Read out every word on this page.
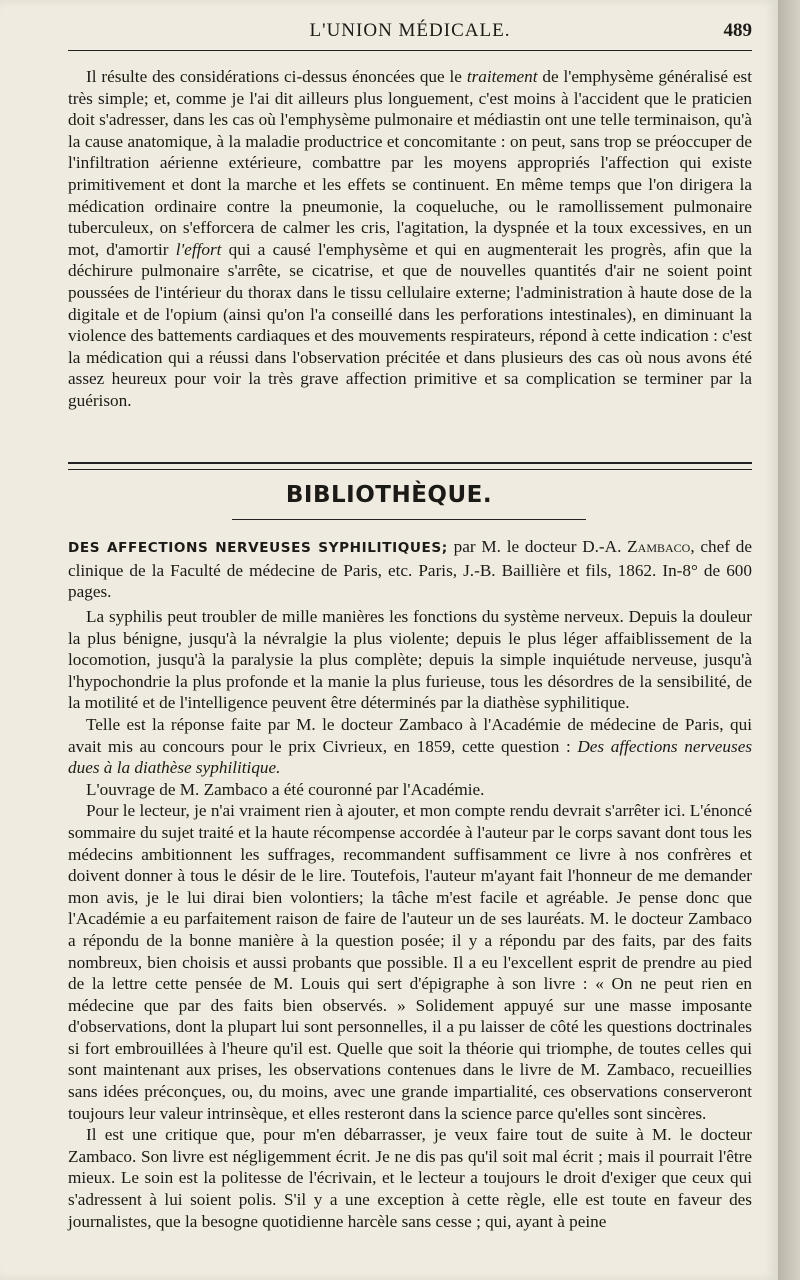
L'UNION MÉDICALE.	489
Il résulte des considérations ci-dessus énoncées que le traitement de l'emphysème généralisé est très simple; et, comme je l'ai dit ailleurs plus longuement, c'est moins à l'accident que le praticien doit s'adresser, dans les cas où l'emphysème pulmonaire et médiastin ont une telle terminaison, qu'à la cause anatomique, à la maladie productrice et concomitante : on peut, sans trop se préoccuper de l'infiltration aérienne extérieure, combattre par les moyens appropriés l'affection qui existe primitivement et dont la marche et les effets se continuent. En même temps que l'on dirigera la médication ordinaire contre la pneumonie, la coqueluche, ou le ramollissement pulmonaire tuberculeux, on s'efforcera de calmer les cris, l'agitation, la dyspnée et la toux excessives, en un mot, d'amortir l'effort qui a causé l'emphysème et qui en augmenterait les progrès, afin que la déchirure pulmonaire s'arrête, se cicatrise, et que de nouvelles quantités d'air ne soient point poussées de l'intérieur du thorax dans le tissu cellulaire externe; l'administration à haute dose de la digitale et de l'opium (ainsi qu'on l'a conseillé dans les perforations intestinales), en diminuant la violence des battements cardiaques et des mouvements respirateurs, répond à cette indication : c'est la médication qui a réussi dans l'observation précitée et dans plusieurs des cas où nous avons été assez heureux pour voir la très grave affection primitive et sa complication se terminer par la guérison.
BIBLIOTHÈQUE.
DES AFFECTIONS NERVEUSES SYPHILITIQUES; par M. le docteur D.-A. Zambaco, chef de clinique de la Faculté de médecine de Paris, etc. Paris, J.-B. Baillière et fils, 1862. In-8° de 600 pages.

La syphilis peut troubler de mille manières les fonctions du système nerveux. Depuis la douleur la plus bénigne, jusqu'à la névralgie la plus violente; depuis le plus léger affaiblissement de la locomotion, jusqu'à la paralysie la plus complète; depuis la simple inquiétude nerveuse, jusqu'à l'hypochondrie la plus profonde et la manie la plus furieuse, tous les désordres de la sensibilité, de la motilité et de l'intelligence peuvent être déterminés par la diathèse syphilitique.

Telle est la réponse faite par M. le docteur Zambaco à l'Académie de médecine de Paris, qui avait mis au concours pour le prix Civrieux, en 1859, cette question : Des affections nerveuses dues à la diathèse syphilitique.

L'ouvrage de M. Zambaco a été couronné par l'Académie.

Pour le lecteur, je n'ai vraiment rien à ajouter, et mon compte rendu devrait s'arrêter ici. L'énoncé sommaire du sujet traité et la haute récompense accordée à l'auteur par le corps savant dont tous les médecins ambitionnent les suffrages, recommandent suffisamment ce livre à nos confrères et doivent donner à tous le désir de le lire. Toutefois, l'auteur m'ayant fait l'honneur de me demander mon avis, je le lui dirai bien volontiers; la tâche m'est facile et agréable. Je pense donc que l'Académie a eu parfaitement raison de faire de l'auteur un de ses lauréats. M. le docteur Zambaco a répondu de la bonne manière à la question posée; il y a répondu par des faits, par des faits nombreux, bien choisis et aussi probants que possible. Il a eu l'excellent esprit de prendre au pied de la lettre cette pensée de M. Louis qui sert d'épigraphe à son livre : « On ne peut rien en médecine que par des faits bien observés. » Solidement appuyé sur une masse imposante d'observations, dont la plupart lui sont personnelles, il a pu laisser de côté les questions doctrinales si fort embrouillées à l'heure qu'il est. Quelle que soit la théorie qui triomphe, de toutes celles qui sont maintenant aux prises, les observations contenues dans le livre de M. Zambaco, recueillies sans idées préconçues, ou, du moins, avec une grande impartialité, ces observations conserveront toujours leur valeur intrinsèque, et elles resteront dans la science parce qu'elles sont sincères.

Il est une critique que, pour m'en débarrasser, je veux faire tout de suite à M. le docteur Zambaco. Son livre est négligemment écrit. Je ne dis pas qu'il soit mal écrit ; mais il pourrait l'être mieux. Le soin est la politesse de l'écrivain, et le lecteur a toujours le droit d'exiger que ceux qui s'adressent à lui soient polis. S'il y a une exception à cette règle, elle est toute en faveur des journalistes, que la besogne quotidienne harcèle sans cesse ; qui, ayant à peine
